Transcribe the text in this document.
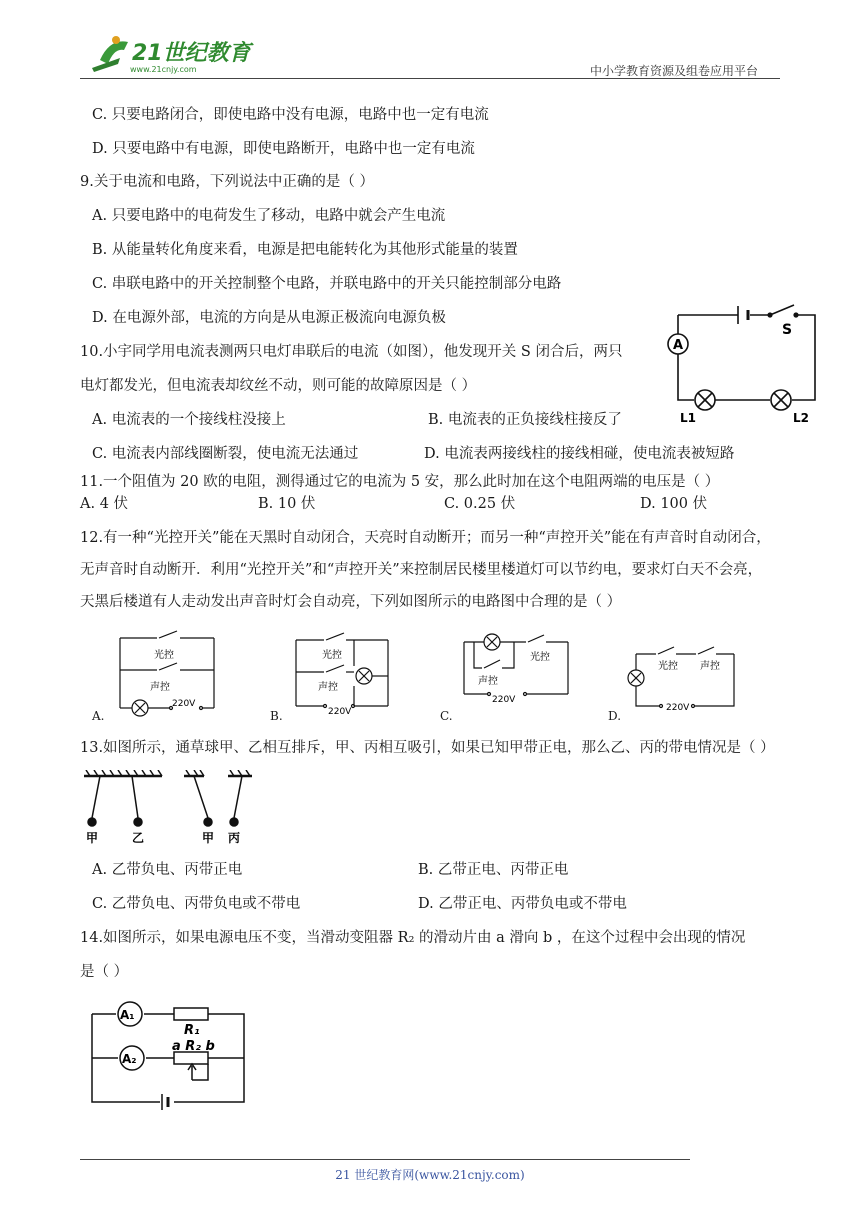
21世纪教育
www.21cnjy.com	中小学教育资源及组卷应用平台
C. 只要电路闭合，即使电路中没有电源，电路中也一定有电流
D. 只要电路中有电源，即使电路断开，电路中也一定有电流
9.关于电流和电路，下列说法中正确的是（ ）
A. 只要电路中的电荷发生了移动，电路中就会产生电流
B. 从能量转化角度来看，电源是把电能转化为其他形式能量的装置
C. 串联电路中的开关控制整个电路，并联电路中的开关只能控制部分电路
D. 在电源外部，电流的方向是从电源正极流向电源负极
10.小宇同学用电流表测两只电灯串联后的电流（如图），他发现开关 S 闭合后，两只
电灯都发光，但电流表却纹丝不动，则可能的故障原因是（ ）
A. 电流表的一个接线柱没接上	B. 电流表的正负接线柱接反了
C. 电流表内部线圈断裂，使电流无法通过	D. 电流表两接线柱的接线相碰，使电流表被短路
A
S
L1	L2
11.一个阻值为 20 欧的电阻，测得通过它的电流为 5 安，那么此时加在这个电阻两端的电压是（ ）
A. 4 伏	B. 10 伏	C. 0.25 伏	D. 100 伏
12.有一种“光控开关”能在天黑时自动闭合，天亮时自动断开；而另一种“声控开关”能在有声音时自动闭合，
无声音时自动断开．利用“光控开关”和“声控开关”来控制居民楼里楼道灯可以节约电，要求灯白天不会亮，
天黑后楼道有人走动发出声音时灯会自动亮，下列如图所示的电路图中合理的是（ ）
光控
声控
220V
A.
光控
声控
220V
B.
光控
声控
220V
C.
光控 声控
220V
D.
13.如图所示，通草球甲、乙相互排斥，甲、丙相互吸引，如果已知甲带正电，那么乙、丙的带电情况是（ ）
甲	乙	甲 丙
A. 乙带负电、丙带正电	B. 乙带正电、丙带正电
C. 乙带负电、丙带负电或不带电	D. 乙带正电、丙带负电或不带电
14.如图所示，如果电源电压不变，当滑动变阻器 R₂ 的滑动片由 a 滑向 b ，在这个过程中会出现的情况
是（ ）
A₁
A₂
R₁
a R₂ b
21 世纪教育网(www.21cnjy.com)
